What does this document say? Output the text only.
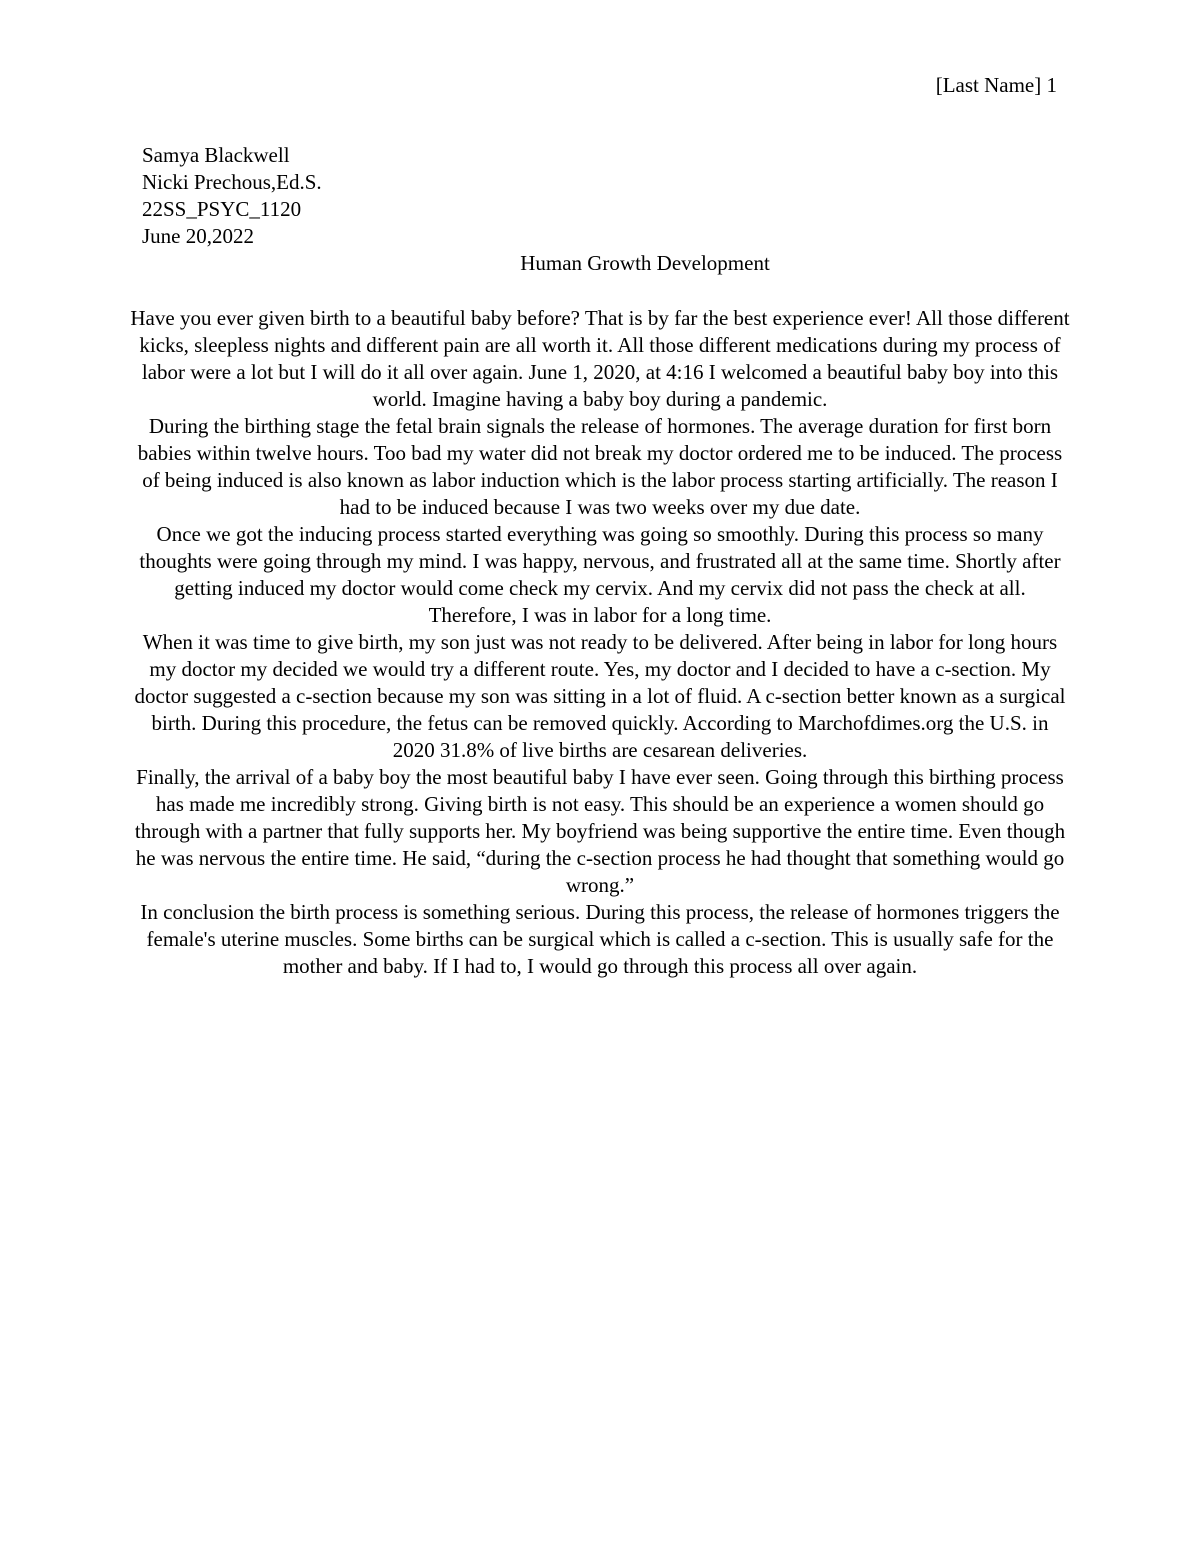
[Last Name] 1
Samya Blackwell
Nicki Prechous,Ed.S.
22SS_PSYC_1120
June 20,2022
Human Growth Development

Have you ever given birth to a beautiful baby before? That is by far the best experience ever! All those different kicks, sleepless nights and different pain are all worth it. All those different medications during my process of labor were a lot but I will do it all over again. June 1, 2020, at 4:16 I welcomed a beautiful baby boy into this world. Imagine having a baby boy during a pandemic.

During the birthing stage the fetal brain signals the release of hormones. The average duration for first born babies within twelve hours. Too bad my water did not break my doctor ordered me to be induced. The process of being induced is also known as labor induction which is the labor process starting artificially. The reason I had to be induced because I was two weeks over my due date.

Once we got the inducing process started everything was going so smoothly. During this process so many thoughts were going through my mind. I was happy, nervous, and frustrated all at the same time. Shortly after getting induced my doctor would come check my cervix. And my cervix did not pass the check at all. Therefore, I was in labor for a long time.

When it was time to give birth, my son just was not ready to be delivered. After being in labor for long hours my doctor my decided we would try a different route. Yes, my doctor and I decided to have a c-section. My doctor suggested a c-section because my son was sitting in a lot of fluid. A c-section better known as a surgical birth. During this procedure, the fetus can be removed quickly. According to Marchofdimes.org the U.S. in 2020 31.8% of live births are cesarean deliveries.

Finally, the arrival of a baby boy the most beautiful baby I have ever seen. Going through this birthing process has made me incredibly strong. Giving birth is not easy. This should be an experience a women should go through with a partner that fully supports her. My boyfriend was being supportive the entire time. Even though he was nervous the entire time. He said, “during the c-section process he had thought that something would go wrong.”

In conclusion the birth process is something serious. During this process, the release of hormones triggers the female's uterine muscles. Some births can be surgical which is called a c-section. This is usually safe for the mother and baby. If I had to, I would go through this process all over again.
